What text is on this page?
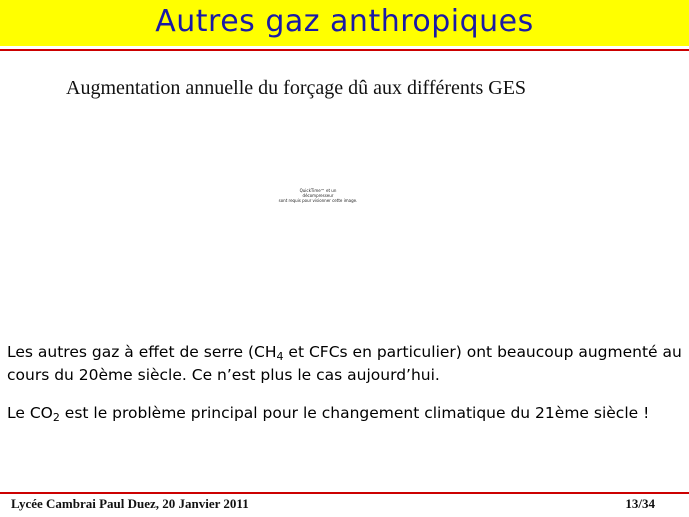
Autres gaz anthropiques
Augmentation annuelle du forçage dû aux différents GES
QuickTime™ et un
décompresseur
sont requis pour visionner cette image.

Les autres gaz à effet de serre ($CH_4$ et CFCs en particulier) ont beaucoup augmenté au cours du 20ème siècle. Ce n’est plus le cas aujourd’hui.

Le $CO_2$ est le problème principal pour le changement climatique du 21ème siècle !

Lycée Cambrai Paul Duez, 20 Janvier 2011	13/34
